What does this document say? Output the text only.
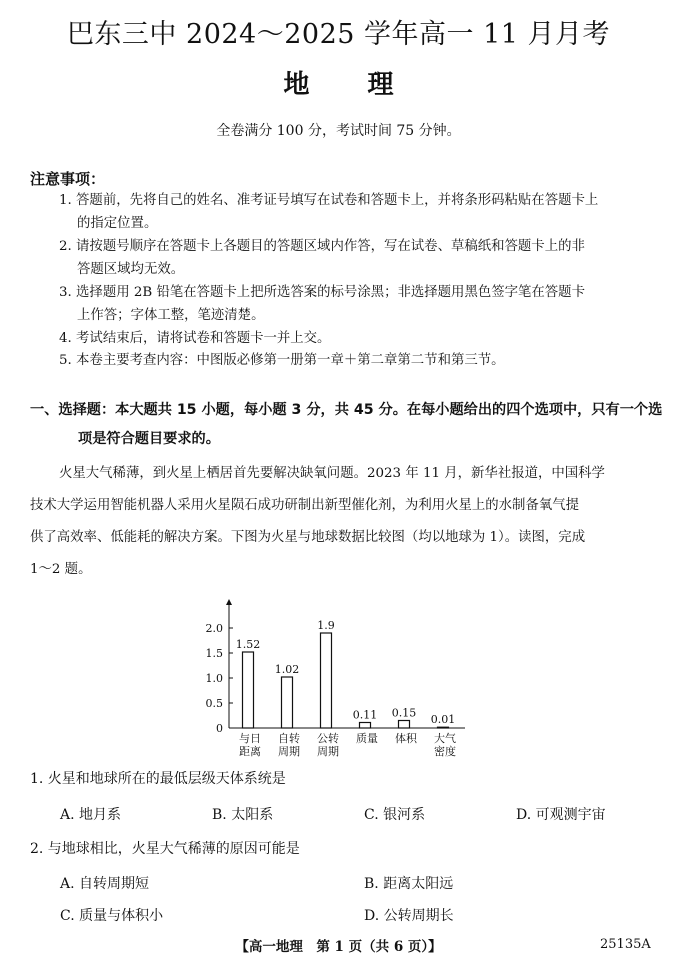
巴东三中 2024～2025 学年高一 11 月月考
地 理
全卷满分 100 分，考试时间 75 分钟。
注意事项：
1. 答题前，先将自己的姓名、准考证号填写在试卷和答题卡上，并将条形码粘贴在答题卡上
的指定位置。
2. 请按题号顺序在答题卡上各题目的答题区域内作答，写在试卷、草稿纸和答题卡上的非
答题区域均无效。
3. 选择题用 2B 铅笔在答题卡上把所选答案的标号涂黑；非选择题用黑色签字笔在答题卡
上作答；字体工整，笔迹清楚。
4. 考试结束后，请将试卷和答题卡一并上交。
5. 本卷主要考查内容：中图版必修第一册第一章＋第二章第二节和第三节。
一、选择题：本大题共 15 小题，每小题 3 分，共 45 分。在每小题给出的四个选项中，只有一个选
项是符合题目要求的。
火星大气稀薄，到火星上栖居首先要解决缺氧问题。2023 年 11 月，新华社报道，中国科学
技术大学运用智能机器人采用火星陨石成功研制出新型催化剂，为利用火星上的水制备氧气提
供了高效率、低能耗的解决方案。下图为火星与地球数据比较图（均以地球为 1）。读图，完成
1～2 题。
0
0.5
1.0
1.5
2.0
1.52
1.02
1.9
0.11 0.15
0.01
与日
距离
自转
周期
公转
周期
质量 体积 大气
密度
1. 火星和地球所在的最低层级天体系统是
A. 地月系	B. 太阳系	C. 银河系	D. 可观测宇宙
2. 与地球相比，火星大气稀薄的原因可能是
A. 自转周期短	B. 距离太阳远
C. 质量与体积小	D. 公转周期长
【高一地理　第 1 页（共 6 页）】	25135A
